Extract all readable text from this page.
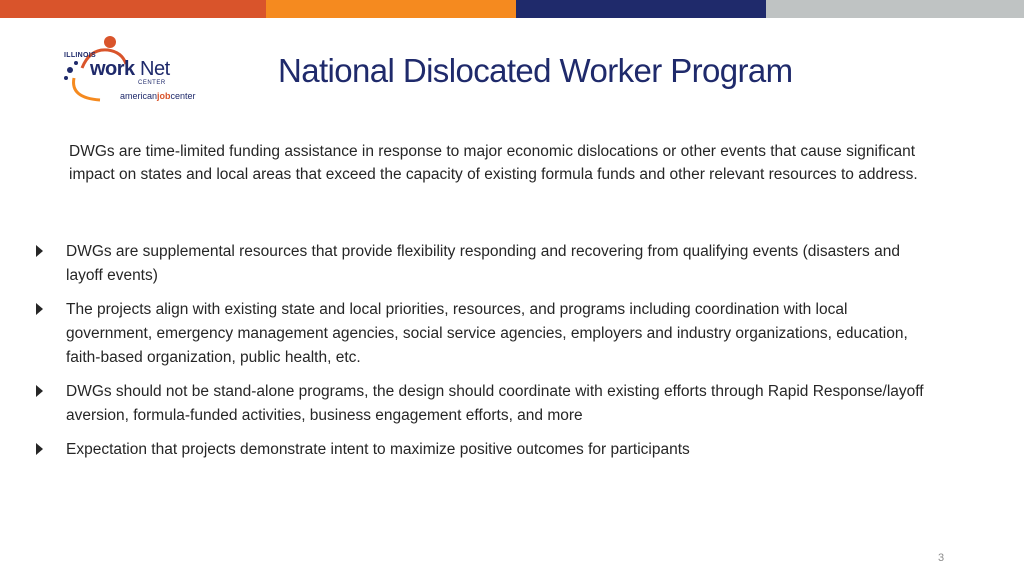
ILLINOIS
work Net
CENTER
americanjobcenter
National Dislocated Worker Program
DWGs are time-limited funding assistance in response to major economic dislocations or other events that cause significant impact on states and local areas that exceed the capacity of existing formula funds and other relevant resources to address.
DWGs are supplemental resources that provide flexibility responding and recovering from qualifying events (disasters and layoff events)
The projects align with existing state and local priorities, resources, and programs including coordination with local government, emergency management agencies, social service agencies, employers and industry organizations, education, faith-based organization, public health, etc.
DWGs should not be stand-alone programs, the design should coordinate with existing efforts through Rapid Response/layoff aversion, formula-funded activities, business engagement efforts, and more
Expectation that projects demonstrate intent to maximize positive outcomes for participants
3
